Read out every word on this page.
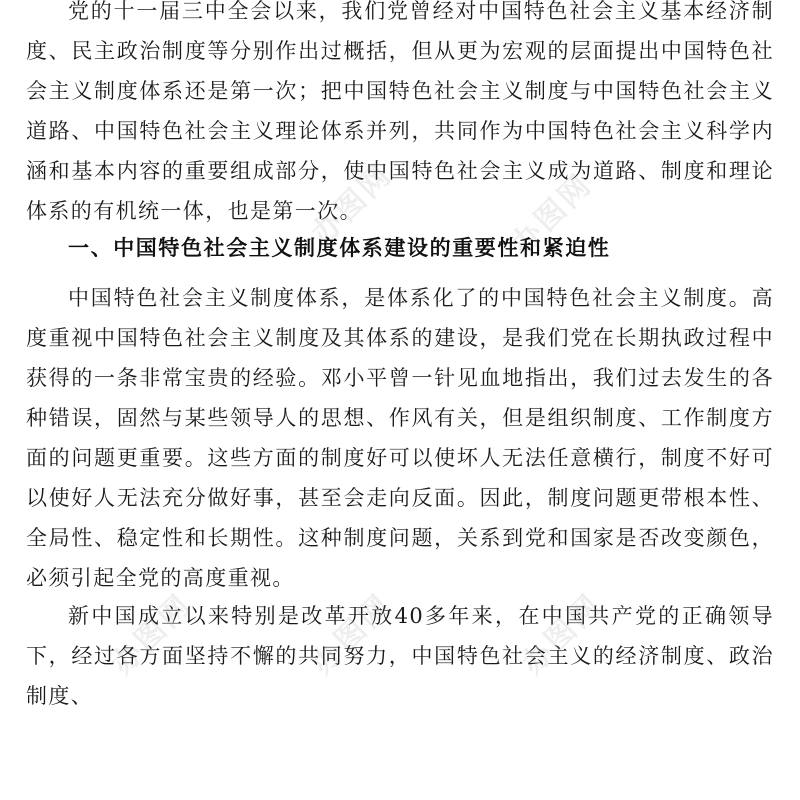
党的十一届三中全会以来，我们党曾经对中国特色社会主义基本经济制度、民主政治制度等分别作出过概括，但从更为宏观的层面提出中国特色社会主义制度体系还是第一次；把中国特色社会主义制度与中国特色社会主义道路、中国特色社会主义理论体系并列，共同作为中国特色社会主义科学内涵和基本内容的重要组成部分，使中国特色社会主义成为道路、制度和理论体系的有机统一体，也是第一次。
一、中国特色社会主义制度体系建设的重要性和紧迫性
中国特色社会主义制度体系，是体系化了的中国特色社会主义制度。高度重视中国特色社会主义制度及其体系的建设，是我们党在长期执政过程中获得的一条非常宝贵的经验。邓小平曾一针见血地指出，我们过去发生的各种错误，固然与某些领导人的思想、作风有关，但是组织制度、工作制度方面的问题更重要。这些方面的制度好可以使坏人无法任意横行，制度不好可以使好人无法充分做好事，甚至会走向反面。因此，制度问题更带根本性、全局性、稳定性和长期性。这种制度问题，关系到党和国家是否改变颜色，必须引起全党的高度重视。
新中国成立以来特别是改革开放40多年来，在中国共产党的正确领导下，经过各方面坚持不懈的共同努力，中国特色社会主义的经济制度、政治制度、
办图网	办图网
办图网	办图网	办图网
